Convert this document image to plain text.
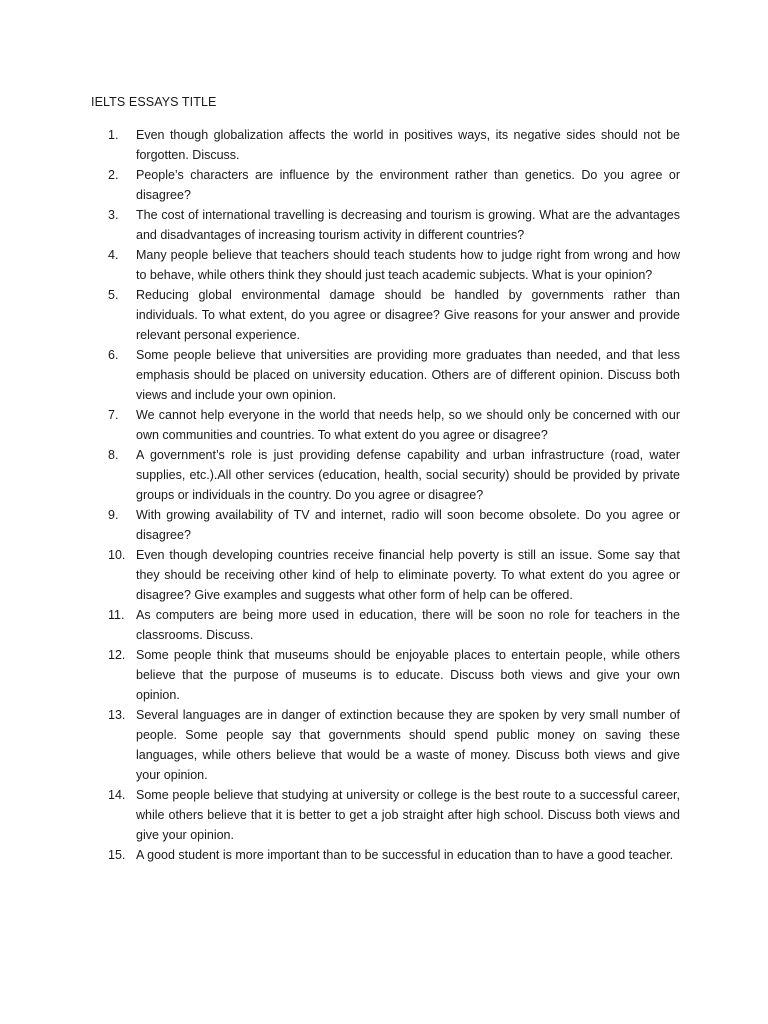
IELTS ESSAYS TITLE
1.	Even though globalization affects the world in positives ways, its negative sides should not be forgotten. Discuss.
2.	People’s characters are influence by the environment rather than genetics. Do you agree or disagree?
3.	The cost of international travelling is decreasing and tourism is growing. What are the advantages and disadvantages of increasing tourism activity in different countries?
4.	Many people believe that teachers should teach students how to judge right from wrong and how to behave, while others think they should just teach academic subjects. What is your opinion?
5.	Reducing global environmental damage should be handled by governments rather than individuals. To what extent, do you agree or disagree? Give reasons for your answer and provide relevant personal experience.
6.	Some people believe that universities are providing more graduates than needed, and that less emphasis should be placed on university education. Others are of different opinion. Discuss both views and include your own opinion.
7.	We cannot help everyone in the world that needs help, so we should only be concerned with our own communities and countries. To what extent do you agree or disagree?
8.	A government’s role is just providing defense capability and urban infrastructure (road, water supplies, etc.).All other services (education, health, social security) should be provided by private groups or individuals in the country. Do you agree or disagree?
9.	With growing availability of TV and internet, radio will soon become obsolete. Do you agree or disagree?
10. Even though developing countries receive financial help poverty is still an issue. Some say that they should be receiving other kind of help to eliminate poverty. To what extent do you agree or disagree? Give examples and suggests what other form of help can be offered.
11. As computers are being more used in education, there will be soon no role for teachers in the classrooms. Discuss.
12. Some people think that museums should be enjoyable places to entertain people, while others believe that the purpose of museums is to educate. Discuss both views and give your own opinion.
13. Several languages are in danger of extinction because they are spoken by very small number of people. Some people say that governments should spend public money on saving these languages, while others believe that would be a waste of money. Discuss both views and give your opinion.
14. Some people believe that studying at university or college is the best route to a successful career, while others believe that it is better to get a job straight after high school. Discuss both views and give your opinion.
15. A good student is more important than to be successful in education than to have a good teacher.
